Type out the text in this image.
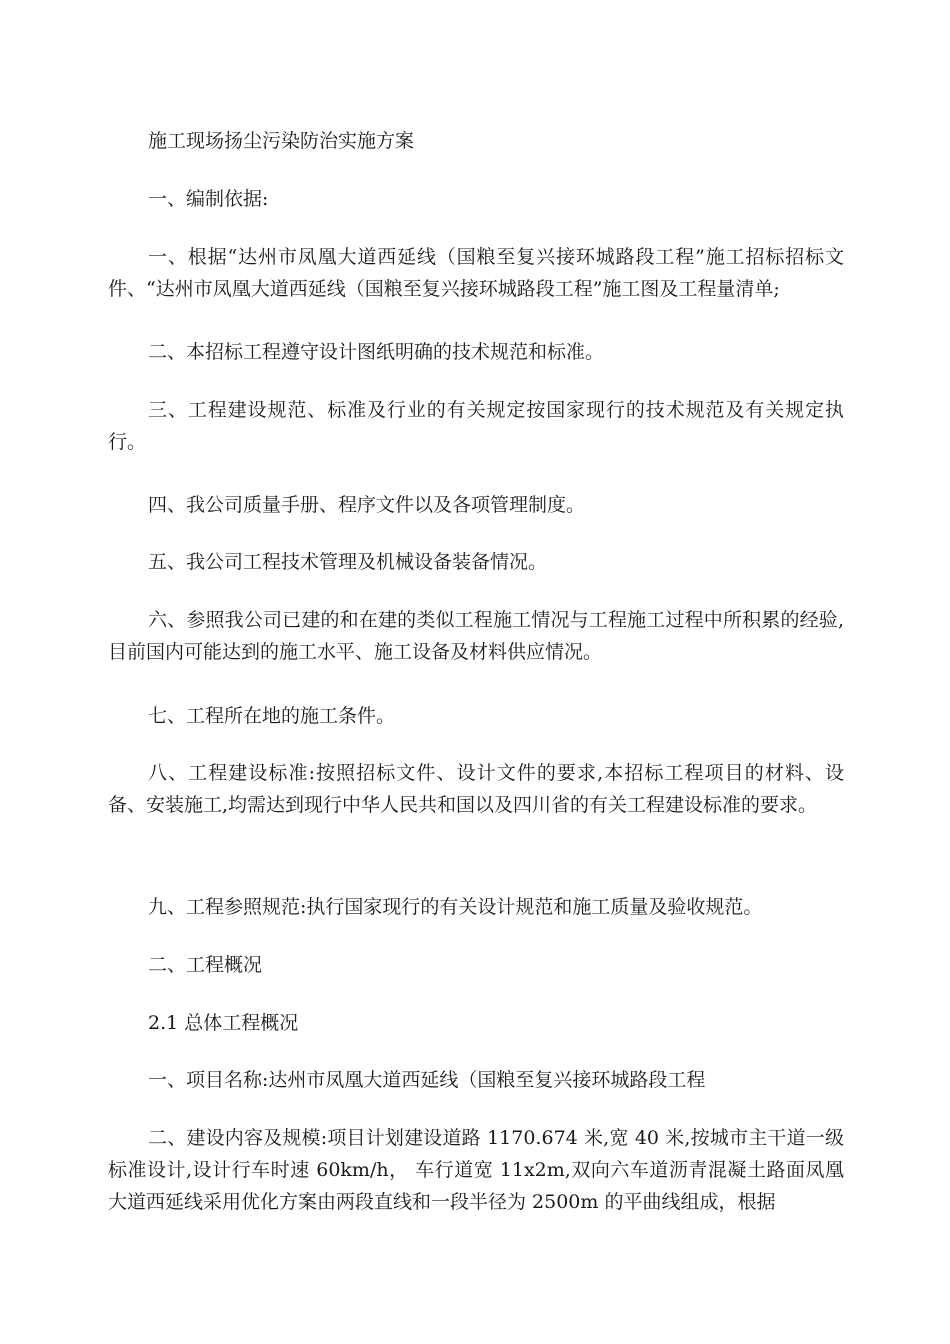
施工现场扬尘污染防治实施方案

一、编制依据:

一、根据“达州市凤凰大道西延线（国粮至复兴接环城路段工程”施工招标招标文件、“达州市凤凰大道西延线（国粮至复兴接环城路段工程”施工图及工程量清单;

二、本招标工程遵守设计图纸明确的技术规范和标准。

三、工程建设规范、标准及行业的有关规定按国家现行的技术规范及有关规定执行。

四、我公司质量手册、程序文件以及各项管理制度。

五、我公司工程技术管理及机械设备装备情况。

六、参照我公司已建的和在建的类似工程施工情况与工程施工过程中所积累的经验,目前国内可能达到的施工水平、施工设备及材料供应情况。

七、工程所在地的施工条件。

八、工程建设标准:按照招标文件、设计文件的要求,本招标工程项目的材料、设备、安装施工,均需达到现行中华人民共和国以及四川省的有关工程建设标准的要求。

九、工程参照规范:执行国家现行的有关设计规范和施工质量及验收规范。

二、工程概况

2.1 总体工程概况

一、项目名称:达州市凤凰大道西延线（国粮至复兴接环城路段工程

二、建设内容及规模:项目计划建设道路 1170.674 米,宽 40 米,按城市主干道一级标准设计,设计行车时速 60km/h， 车行道宽 11x2m,双向六车道沥青混凝土路面凤凰大道西延线采用优化方案由两段直线和一段半径为 2500m 的平曲线组成，根据
